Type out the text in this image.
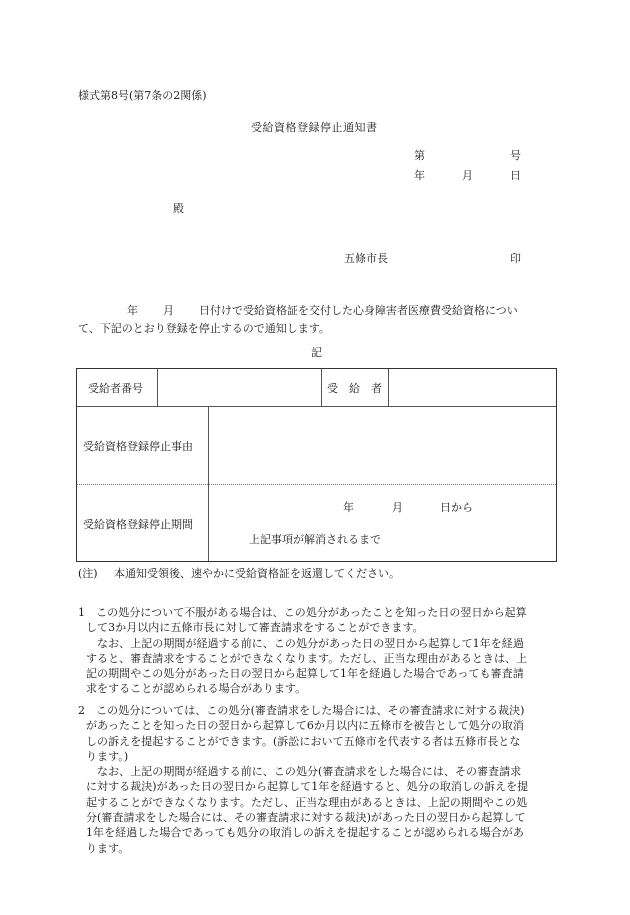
様式第8号(第7条の2関係)
受給資格登録停止通知書
第	号
年	月	日
殿
五條市長	印
年 月 日付けで受給資格証を交付した心身障害者医療費受給資格につい
て、下記のとおり登録を停止するので通知します。
記
受給者番号	受　給　者
受給資格登録停止事由
受給資格登録停止期間
年	月	日から
上記事項が解消されるまで
(注) 本通知受領後、速やかに受給資格証を返還してください。
1　この処分について不服がある場合は、この処分があったことを知った日の翌日から起算
して3か月以内に五條市長に対して審査請求をすることができます。
　なお、上記の期間が経過する前に、この処分があった日の翌日から起算して1年を経過
すると、審査請求をすることができなくなります。ただし、正当な理由があるときは、上
記の期間やこの処分があった日の翌日から起算して1年を経過した場合であっても審査請
求をすることが認められる場合があります。
2　この処分については、この処分(審査請求をした場合には、その審査請求に対する裁決)
があったことを知った日の翌日から起算して6か月以内に五條市を被告として処分の取消
しの訴えを提起することができます。(訴訟において五條市を代表する者は五條市長とな
ります。)
　なお、上記の期間が経過する前に、この処分(審査請求をした場合には、その審査請求
に対する裁決)があった日の翌日から起算して1年を経過すると、処分の取消しの訴えを提
起することができなくなります。ただし、正当な理由があるときは、上記の期間やこの処
分(審査請求をした場合には、その審査請求に対する裁決)があった日の翌日から起算して
1年を経過した場合であっても処分の取消しの訴えを提起することが認められる場合があ
ります。
